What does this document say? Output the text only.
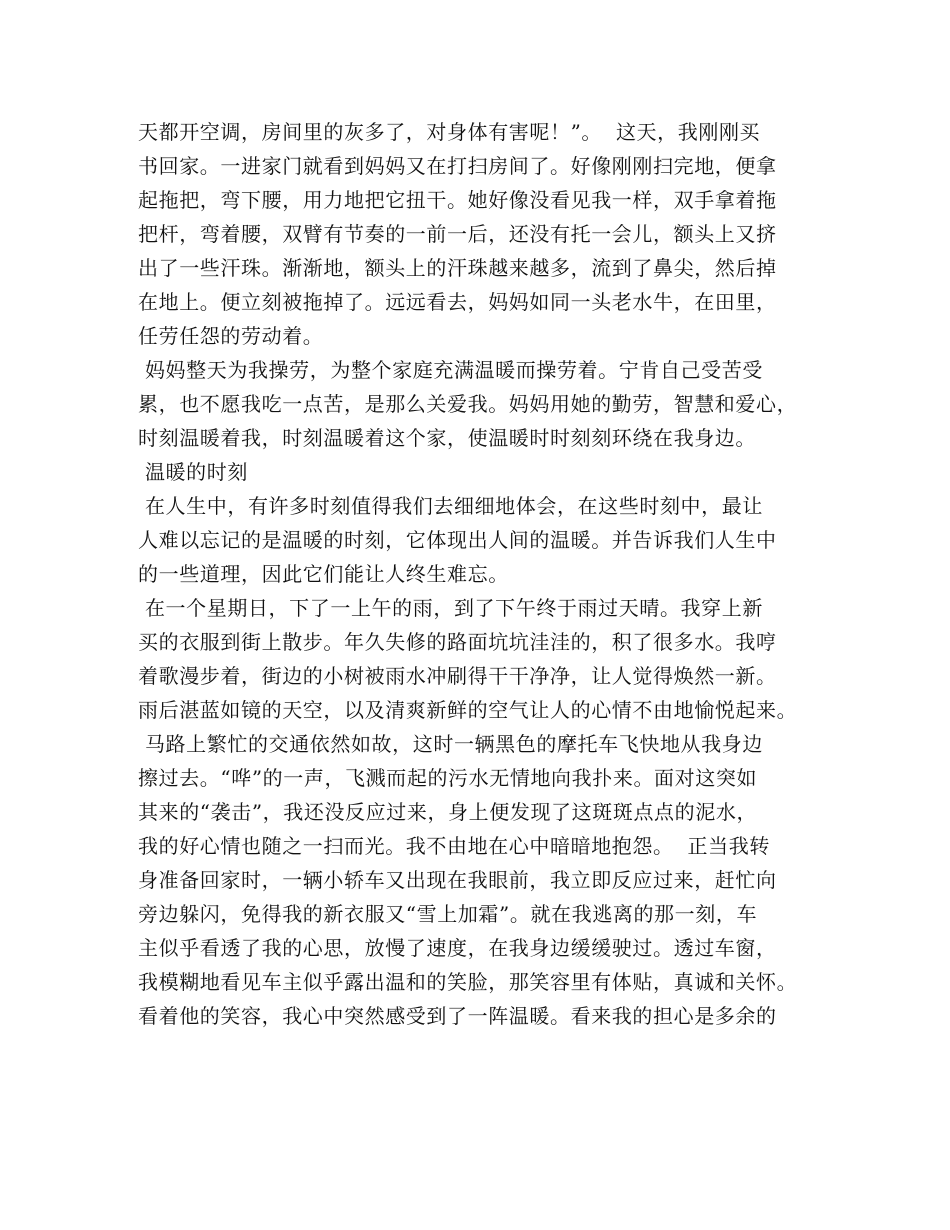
天都开空调，房间里的灰多了，对身体有害呢！”。  这天，我刚刚买
书回家。一进家门就看到妈妈又在打扫房间了。好像刚刚扫完地，便拿
起拖把，弯下腰，用力地把它扭干。她好像没看见我一样，双手拿着拖
把杆，弯着腰，双臂有节奏的一前一后，还没有托一会儿，额头上又挤
出了一些汗珠。渐渐地，额头上的汗珠越来越多，流到了鼻尖，然后掉
在地上。便立刻被拖掉了。远远看去，妈妈如同一头老水牛，在田里，
任劳任怨的劳动着。
妈妈整天为我操劳，为整个家庭充满温暖而操劳着。宁肯自己受苦受
累，也不愿我吃一点苦，是那么关爱我。妈妈用她的勤劳，智慧和爱心，
时刻温暖着我，时刻温暖着这个家，使温暖时时刻刻环绕在我身边。
温暖的时刻
在人生中，有许多时刻值得我们去细细地体会，在这些时刻中，最让
人难以忘记的是温暖的时刻，它体现出人间的温暖。并告诉我们人生中
的一些道理，因此它们能让人终生难忘。
在一个星期日，下了一上午的雨，到了下午终于雨过天晴。我穿上新
买的衣服到街上散步。年久失修的路面坑坑洼洼的，积了很多水。我哼
着歌漫步着，街边的小树被雨水冲刷得干干净净，让人觉得焕然一新。
雨后湛蓝如镜的天空，以及清爽新鲜的空气让人的心情不由地愉悦起来。
马路上繁忙的交通依然如故，这时一辆黑色的摩托车飞快地从我身边
擦过去。“哗”的一声，飞溅而起的污水无情地向我扑来。面对这突如
其来的“袭击”，我还没反应过来，身上便发现了这斑斑点点的泥水，
我的好心情也随之一扫而光。我不由地在心中暗暗地抱怨。  正当我转
身准备回家时，一辆小轿车又出现在我眼前，我立即反应过来，赶忙向
旁边躲闪，免得我的新衣服又“雪上加霜”。就在我逃离的那一刻，车
主似乎看透了我的心思，放慢了速度，在我身边缓缓驶过。透过车窗，
我模糊地看见车主似乎露出温和的笑脸，那笑容里有体贴，真诚和关怀。
看着他的笑容，我心中突然感受到了一阵温暖。看来我的担心是多余的
